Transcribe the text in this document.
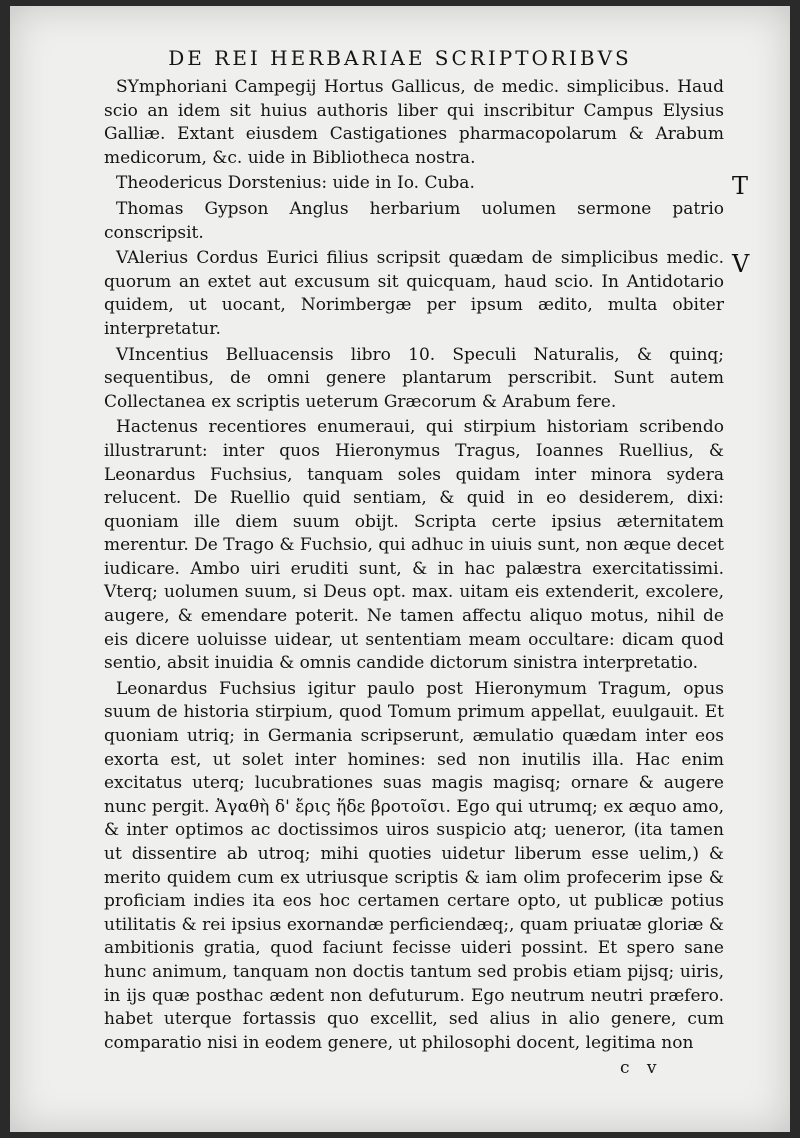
DE REI HERBARIAE SCRIPTORIBVS
T
V

SYmphoriani Campegij Hortus Gallicus, de medic. simplicibus. Haud scio an idem sit huius authoris liber qui inscribitur Campus Elysius Galliæ. Extant eiusdem Castigationes pharmacopolarum & Arabum medicorum, &c. uide in Bibliotheca nostra.

Theodericus Dorstenius: uide in Io. Cuba.

Thomas Gypson Anglus herbarium uolumen sermone patrio conscripsit.

VAlerius Cordus Eurici filius scripsit quædam de simplicibus medic. quorum an extet aut excusum sit quicquam, haud scio. In Antidotario quidem, ut uocant, Norimbergæ per ipsum ædito, multa obiter interpretatur.

VIncentius Belluacensis libro 10. Speculi Naturalis, & quinq; sequentibus, de omni genere plantarum perscribit. Sunt autem Collectanea ex scriptis ueterum Græcorum & Arabum fere.

Hactenus recentiores enumeraui, qui stirpium historiam scribendo illustrarunt: inter quos Hieronymus Tragus, Ioannes Ruellius, & Leonardus Fuchsius, tanquam soles quidam inter minora sydera relucent. De Ruellio quid sentiam, & quid in eo desiderem, dixi: quoniam ille diem suum obijt. Scripta certe ipsius æternitatem merentur. De Trago & Fuchsio, qui adhuc in uiuis sunt, non æque decet iudicare. Ambo uiri eruditi sunt, & in hac palæstra exercitatissimi. Vterq; uolumen suum, si Deus opt. max. uitam eis extenderit, excolere, augere, & emendare poterit. Ne tamen affectu aliquo motus, nihil de eis dicere uoluisse uidear, ut sententiam meam occultare: dicam quod sentio, absit inuidia & omnis candide dictorum sinistra interpretatio.

Leonardus Fuchsius igitur paulo post Hieronymum Tragum, opus suum de historia stirpium, quod Tomum primum appellat, euulgauit. Et quoniam utriq; in Germania scripserunt, æmulatio quædam inter eos exorta est, ut solet inter homines: sed non inutilis illa. Hac enim excitatus uterq; lucubrationes suas magis magisq; ornare & augere nunc pergit. Ἀγαθὴ δ' ἔρις ἥδε βροτοῖσι. Ego qui utrumq; ex æquo amo, & inter optimos ac doctissimos uiros suspicio atq; ueneror, (ita tamen ut dissentire ab utroq; mihi quoties uidetur liberum esse uelim,) & merito quidem cum ex utriusque scriptis & iam olim profecerim ipse & proficiam indies ita eos hoc certamen certare opto, ut publicæ potius utilitatis & rei ipsius exornandæ perficiendæq;, quam priuatæ gloriæ & ambitionis gratia, quod faciunt fecisse uideri possint. Et spero sane hunc animum, tanquam non doctis tantum sed probis etiam pijsq; uiris, in ijs quæ posthac ædent non defuturum. Ego neutrum neutri præfero. habet uterque fortassis quo excellit, sed alius in alio genere, cum comparatio nisi in eodem genere, ut philosophi docent, legitima non

c v
